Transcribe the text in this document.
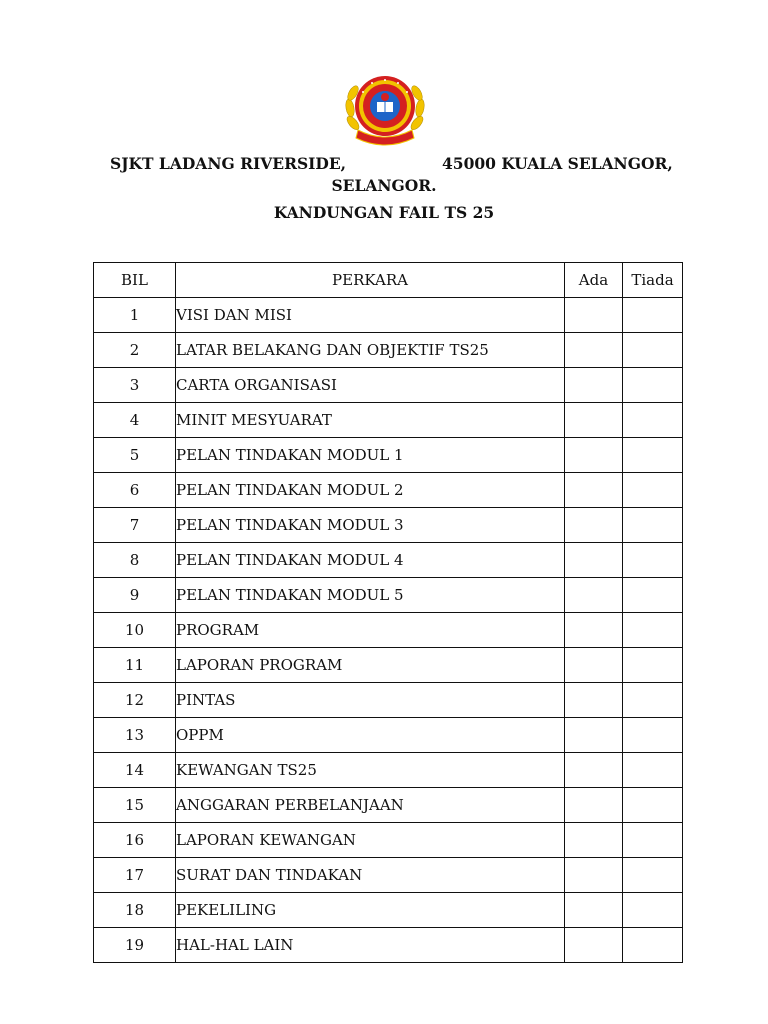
SJKT LADANG RIVERSIDE,	45000 KUALA SELANGOR,
SELANGOR.
KANDUNGAN FAIL TS 25
BIL	PERKARA	Ada	Tiada
1	VISI DAN MISI		
2	LATAR BELAKANG DAN OBJEKTIF TS25		
3	CARTA ORGANISASI		
4	MINIT MESYUARAT		
5	PELAN TINDAKAN MODUL 1		
6	PELAN TINDAKAN MODUL 2		
7	PELAN TINDAKAN MODUL 3		
8	PELAN TINDAKAN MODUL 4		
9	PELAN TINDAKAN MODUL 5		
10	PROGRAM		
11	LAPORAN PROGRAM		
12	PINTAS		
13	OPPM		
14	KEWANGAN TS25		
15	ANGGARAN PERBELANJAAN		
16	LAPORAN KEWANGAN		
17	SURAT DAN TINDAKAN		
18	PEKELILING		
19	HAL-HAL LAIN		
